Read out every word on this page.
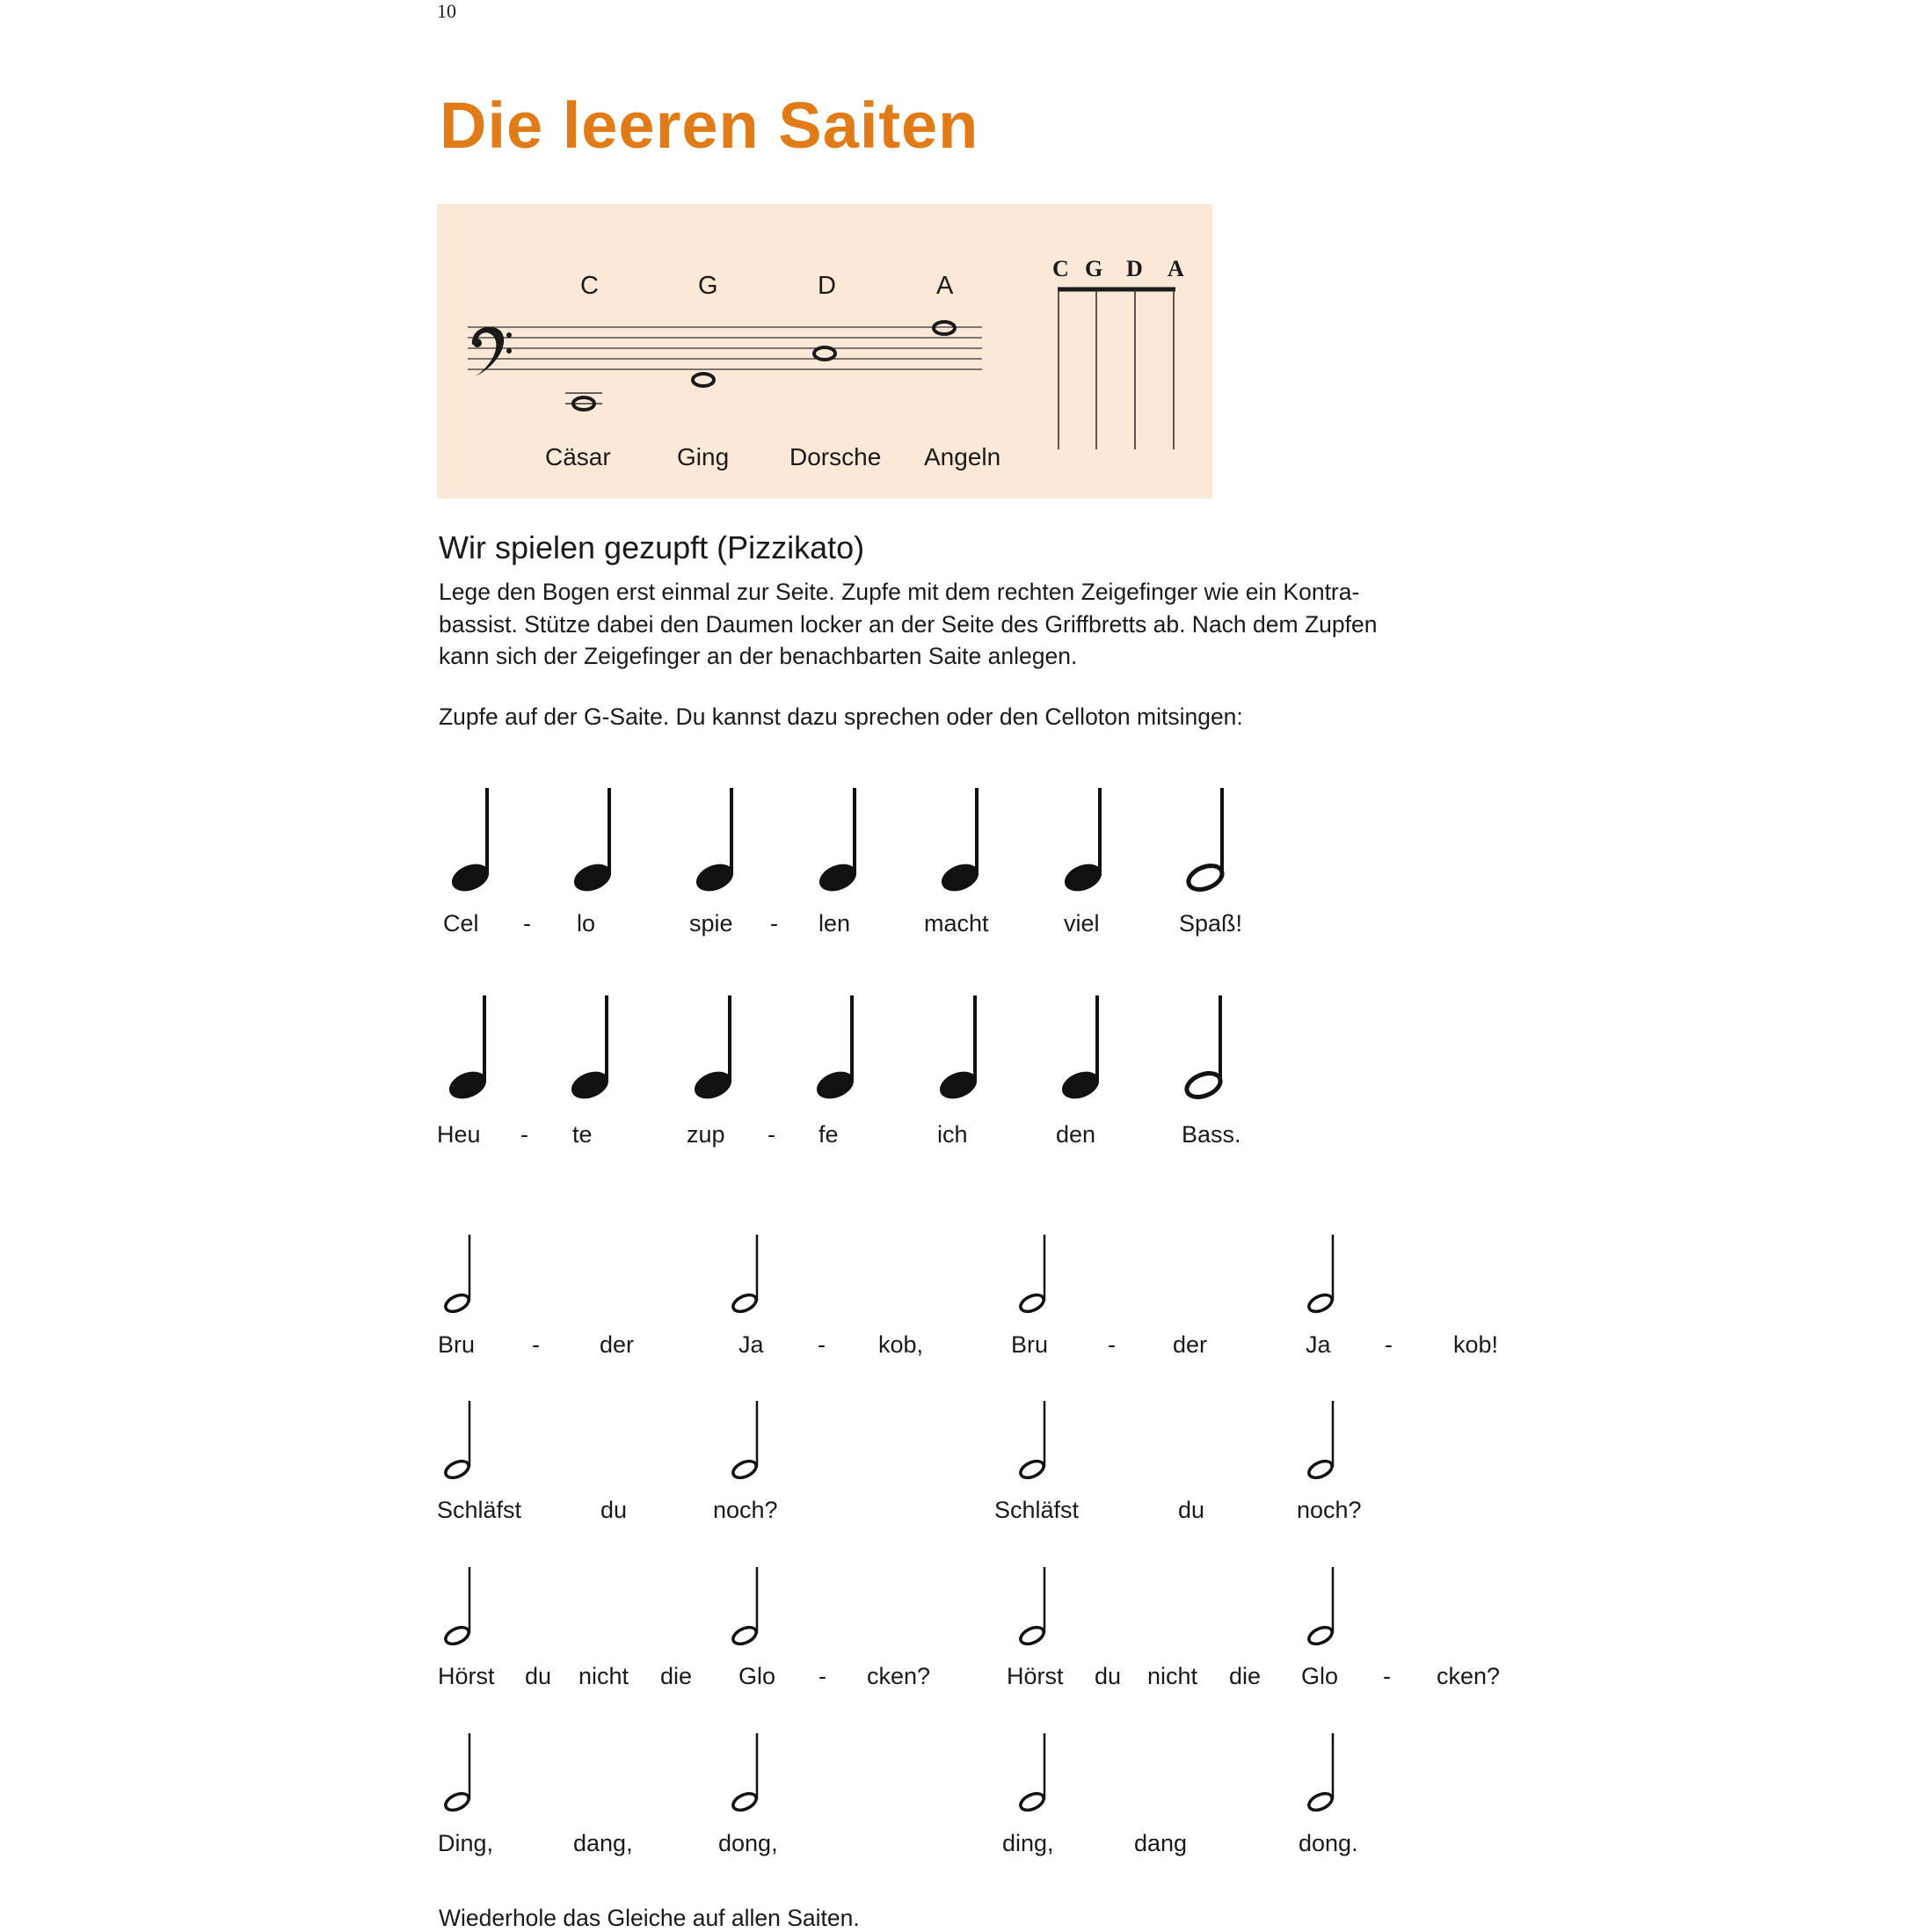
10
Die leeren Saiten
C	G	D	A
Cäsar	Ging Dorsche Angeln
C G D A
Wir spielen gezupft (Pizzikato)
Lege den Bogen erst einmal zur Seite. Zupfe mit dem rechten Zeigefinger wie ein Kontra-
bassist. Stütze dabei den Daumen locker an der Seite des Griffbretts ab. Nach dem Zupfen
kann sich der Zeigefinger an der benachbarten Saite anlegen.

Zupfe auf der G-Saite. Du kannst dazu sprechen oder den Celloton mitsingen:

Cel - lo	spie - len	macht	viel	Spaß!
Heu - te	zup - fe	ich	den	Bass.
Bru -	der	Ja - kob,	Bru	- der	Ja -	kob!
Schläfst	du	noch?	Schläfst	du	noch?
Hörst du nicht die Glo - cken?	Hörst du nicht die Glo - cken?
Ding,	dang,	dong,	ding,	dang	dong.

Wiederhole das Gleiche auf allen Saiten.
